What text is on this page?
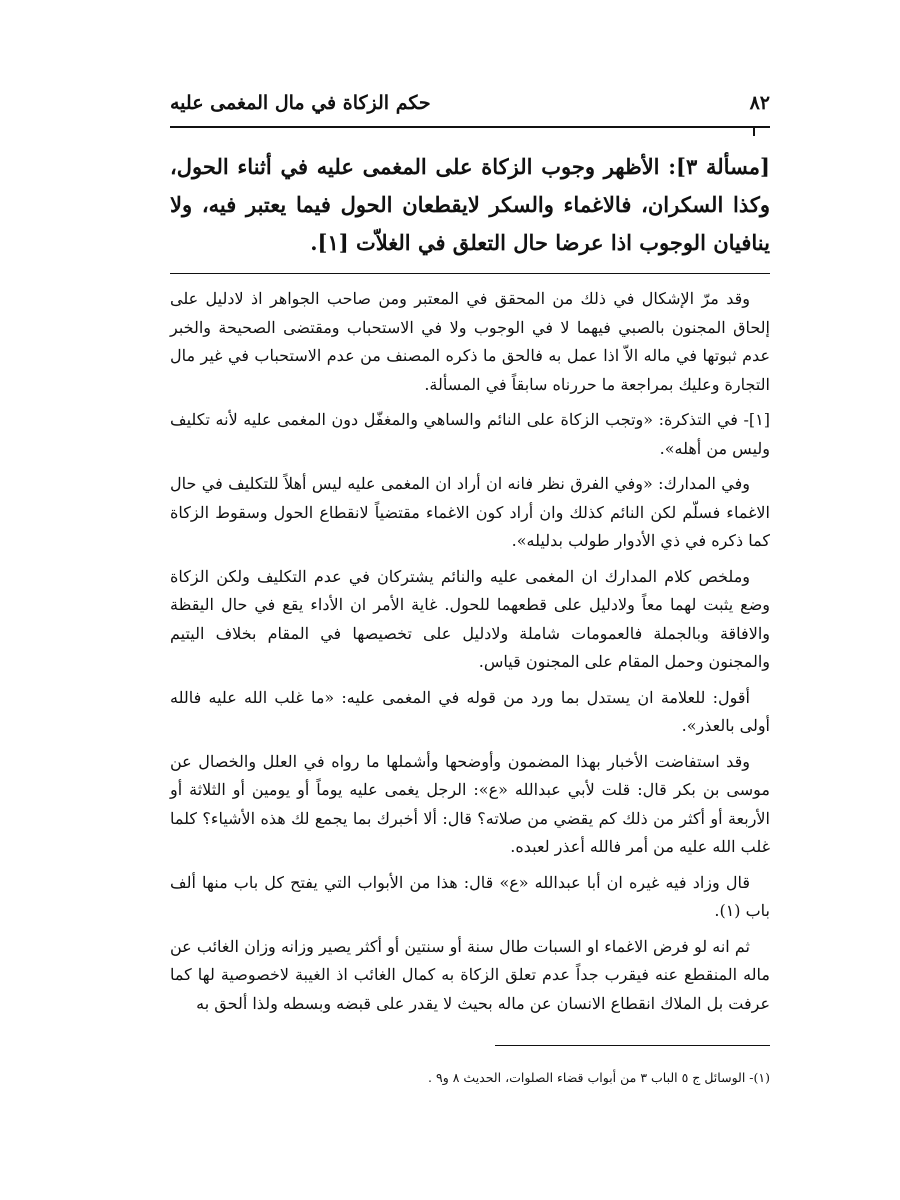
حكم الزكاة في مال المغمى عليه	٨٢
[مسألة ٣]: الأظهر وجوب الزكاة على المغمى عليه في أثناء الحول، وكذا السكران، فالاغماء والسكر لايقطعان الحول فيما يعتبر فيه، ولا ينافيان الوجوب اذا عرضا حال التعلق في الغلاّت [١].

وقد مرّ الإشكال في ذلك من المحقق في المعتبر ومن صاحب الجواهر اذ لادليل على إلحاق المجنون بالصبي فيهما لا في الوجوب ولا في الاستحباب ومقتضى الصحيحة والخبر عدم ثبوتها في ماله الاّ اذا عمل به فالحق ما ذكره المصنف من عدم الاستحباب في غير مال التجارة وعليك بمراجعة ما حررناه سابقاً في المسألة.

[١]- في التذكرة: «وتجب الزكاة على النائم والساهي والمغفّل دون المغمى عليه لأنه تكليف وليس من أهله».

وفي المدارك: «وفي الفرق نظر فانه ان أراد ان المغمى عليه ليس أهلاً للتكليف في حال الاغماء فسلّم لكن النائم كذلك وان أراد كون الاغماء مقتضياً لانقطاع الحول وسقوط الزكاة كما ذكره في ذي الأدوار طولب بدليله».

وملخص كلام المدارك ان المغمى عليه والنائم يشتركان في عدم التكليف ولكن الزكاة وضع يثبت لهما معاً ولادليل على قطعهما للحول. غاية الأمر ان الأداء يقع في حال اليقظة والافاقة وبالجملة فالعمومات شاملة ولادليل على تخصيصها في المقام بخلاف اليتيم والمجنون وحمل المقام على المجنون قياس.

أقول: للعلامة ان يستدل بما ورد من قوله في المغمى عليه: «ما غلب الله عليه فالله أولى بالعذر».

وقد استفاضت الأخبار بهذا المضمون وأوضحها وأشملها ما رواه في العلل والخصال عن موسى بن بكر قال: قلت لأبي عبدالله «ع»: الرجل يغمى عليه يوماً أو يومين أو الثلاثة أو الأربعة أو أكثر من ذلك كم يقضي من صلاته؟ قال: ألا أخبرك بما يجمع لك هذه الأشياء؟ كلما غلب الله عليه من أمر فالله أعذر لعبده.

قال وزاد فيه غيره ان أبا عبدالله «ع» قال: هذا من الأبواب التي يفتح كل باب منها ألف باب (١).

ثم انه لو فرض الاغماء او السبات طال سنة أو سنتين أو أكثر يصير وزانه وزان الغائب عن ماله المنقطع عنه فيقرب جداً عدم تعلق الزكاة به كمال الغائب اذ الغيبة لاخصوصية لها كما عرفت بل الملاك انقطاع الانسان عن ماله بحيث لا يقدر على قبضه وبسطه ولذا ألحق به

(١)- الوسائل ج ٥ الباب ٣ من أبواب قضاء الصلوات، الحديث ٨ و٩ .
